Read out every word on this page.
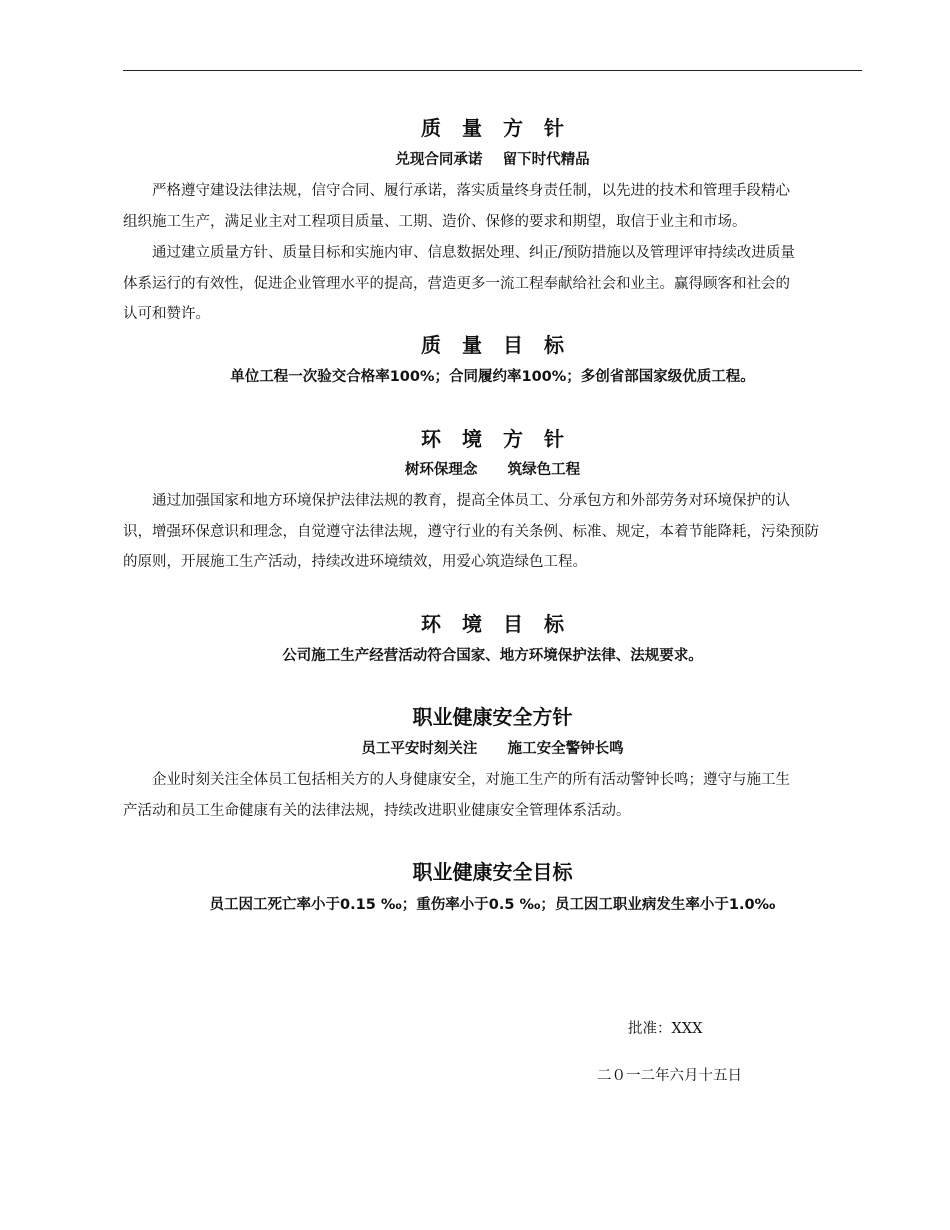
质量方针
兑现合同承诺    留下时代精品
严格遵守建设法律法规，信守合同、履行承诺，落实质量终身责任制，以先进的技术和管理手段精心
组织施工生产，满足业主对工程项目质量、工期、造价、保修的要求和期望，取信于业主和市场。
通过建立质量方针、质量目标和实施内审、信息数据处理、纠正/预防措施以及管理评审持续改进质量
体系运行的有效性，促进企业管理水平的提高，营造更多一流工程奉献给社会和业主。赢得顾客和社会的
认可和赞许。
质量目标
单位工程一次验交合格率100%；合同履约率100%；多创省部国家级优质工程。
环境方针
树环保理念      筑绿色工程
通过加强国家和地方环境保护法律法规的教育，提高全体员工、分承包方和外部劳务对环境保护的认
识，增强环保意识和理念，自觉遵守法律法规，遵守行业的有关条例、标准、规定，本着节能降耗，污染预防
的原则，开展施工生产活动，持续改进环境绩效，用爱心筑造绿色工程。
环境目标
公司施工生产经营活动符合国家、地方环境保护法律、法规要求。
职业健康安全方针
员工平安时刻关注      施工安全警钟长鸣
企业时刻关注全体员工包括相关方的人身健康安全，对施工生产的所有活动警钟长鸣；遵守与施工生
产活动和员工生命健康有关的法律法规，持续改进职业健康安全管理体系活动。
职业健康安全目标
员工因工死亡率小于0.15 ‰；重伤率小于0.5 ‰；员工因工职业病发生率小于1.0‰
批准：XXX
二０一二年六月十五日
